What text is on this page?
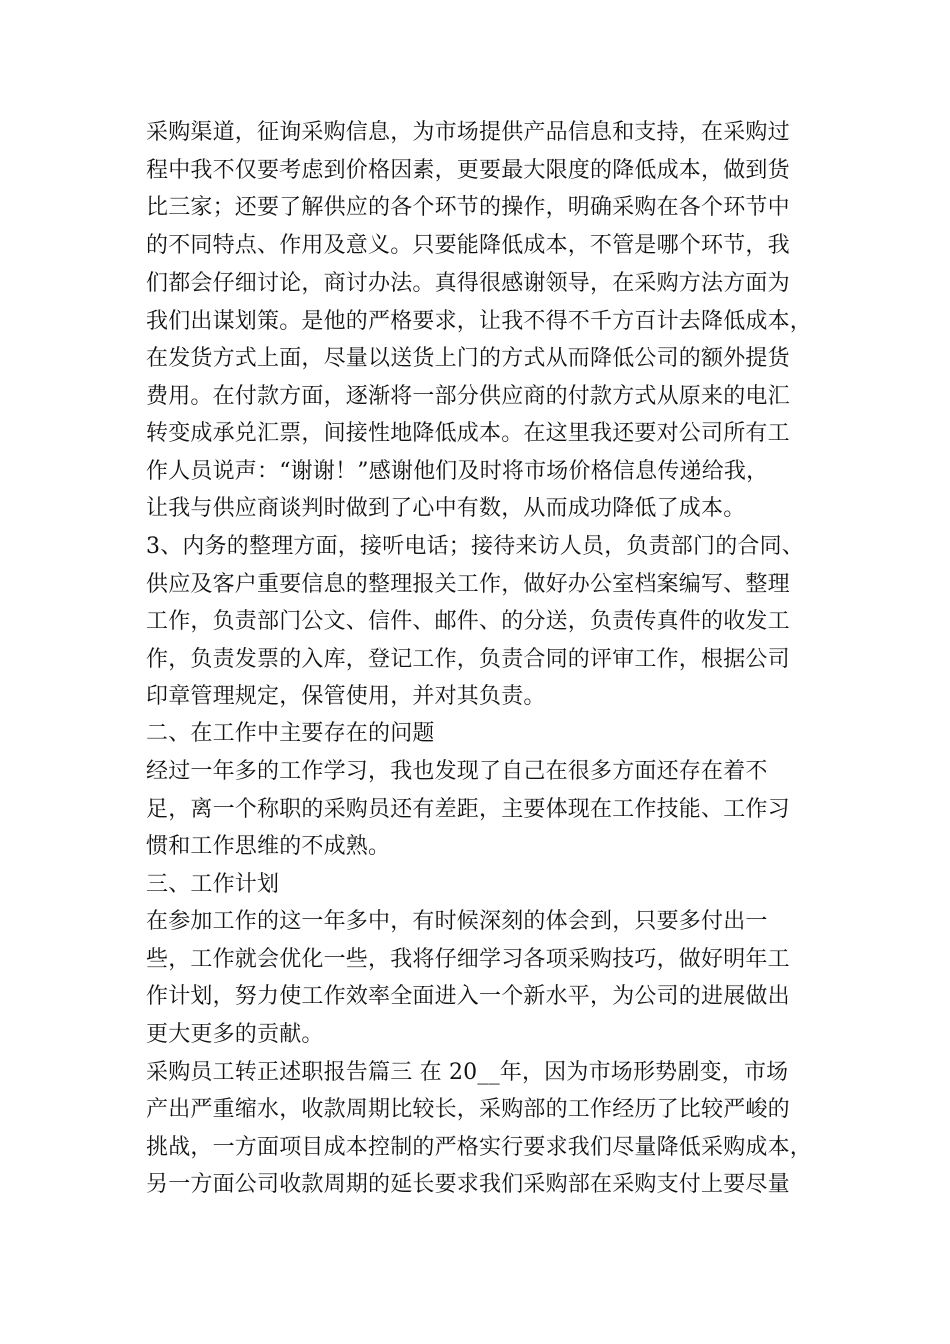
采购渠道，征询采购信息，为市场提供产品信息和支持，在采购过
程中我不仅要考虑到价格因素，更要最大限度的降低成本，做到货
比三家；还要了解供应的各个环节的操作，明确采购在各个环节中
的不同特点、作用及意义。只要能降低成本，不管是哪个环节，我
们都会仔细讨论，商讨办法。真得很感谢领导，在采购方法方面为
我们出谋划策。是他的严格要求，让我不得不千方百计去降低成本，
在发货方式上面，尽量以送货上门的方式从而降低公司的额外提货
费用。在付款方面，逐渐将一部分供应商的付款方式从原来的电汇
转变成承兑汇票，间接性地降低成本。在这里我还要对公司所有工
作人员说声：“谢谢！”感谢他们及时将市场价格信息传递给我，
让我与供应商谈判时做到了心中有数，从而成功降低了成本。
3、内务的整理方面，接听电话；接待来访人员，负责部门的合同、
供应及客户重要信息的整理报关工作，做好办公室档案编写、整理
工作，负责部门公文、信件、邮件、的分送，负责传真件的收发工
作，负责发票的入库，登记工作，负责合同的评审工作，根据公司
印章管理规定，保管使用，并对其负责。
二、在工作中主要存在的问题
经过一年多的工作学习，我也发现了自己在很多方面还存在着不
足，离一个称职的采购员还有差距，主要体现在工作技能、工作习
惯和工作思维的不成熟。
三、工作计划
在参加工作的这一年多中，有时候深刻的体会到，只要多付出一
些，工作就会优化一些，我将仔细学习各项采购技巧，做好明年工
作计划，努力使工作效率全面进入一个新水平，为公司的进展做出
更大更多的贡献。
采购员工转正述职报告篇三 在 20__年，因为市场形势剧变，市场
产出严重缩水，收款周期比较长，采购部的工作经历了比较严峻的
挑战，一方面项目成本控制的严格实行要求我们尽量降低采购成本，
另一方面公司收款周期的延长要求我们采购部在采购支付上要尽量
